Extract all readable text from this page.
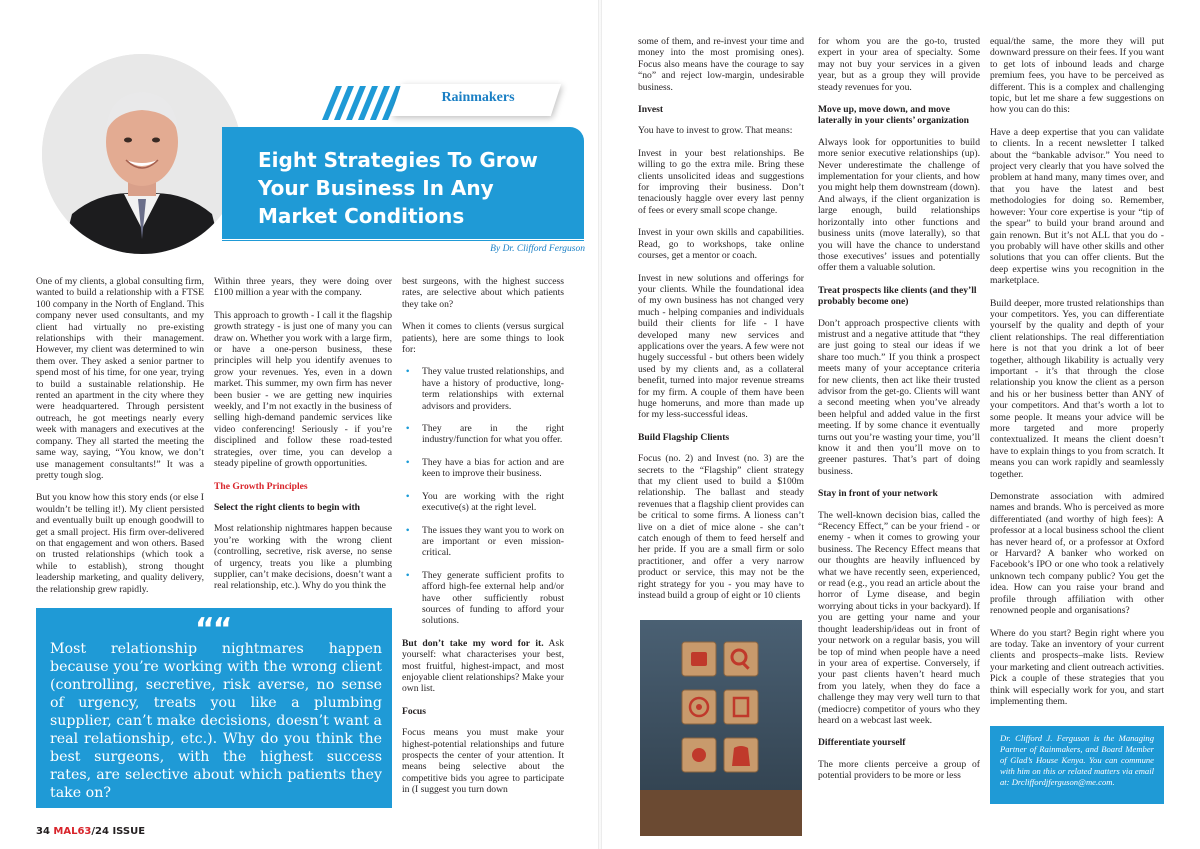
Rainmakers
Eight Strategies To Grow
Your Business In Any
Market Conditions
By Dr. Clifford Ferguson

One of my clients, a global consulting firm, wanted to build a relationship with a FTSE 100 company in the North of England. This company never used consultants, and my client had virtually no pre-existing relationships with their management. However, my client was determined to win them over. They asked a senior partner to spend most of his time, for one year, trying to build a sustainable relationship. He rented an apartment in the city where they were headquartered. Through persistent outreach, he got meetings nearly every week with managers and executives at the company. They all started the meeting the same way, saying, “You know, we don’t use management consultants!” It was a pretty tough slog.

But you know how this story ends (or else I wouldn’t be telling it!). My client persisted and eventually built up enough goodwill to get a small project. His firm over-delivered on that engagement and won others. Based on trusted relationships (which took a while to establish), strong thought leadership marketing, and quality delivery, the relationship grew rapidly.

Within three years, they were doing over £100 million a year with the company.

This approach to growth - I call it the flagship growth strategy - is just one of many you can draw on. Whether you work with a large firm, or have a one-person business, these principles will help you identify avenues to grow your revenues. Yes, even in a down market. This summer, my own firm has never been busier - we are getting new inquiries weekly, and I’m not exactly in the business of selling high-demand pandemic services like video conferencing! Seriously - if you’re disciplined and follow these road-tested strategies, over time, you can develop a steady pipeline of growth opportunities.

The Growth Principles
Select the right clients to begin with

Most relationship nightmares happen because you’re working with the wrong client (controlling, secretive, risk averse, no sense of urgency, treats you like a plumbing supplier, can’t make decisions, doesn’t want a real relationship, etc.). Why do you think the

best surgeons, with the highest success rates, are selective about which patients they take on?

When it comes to clients (versus surgical patients), here are some things to look for:

• They value trusted relationships, and have a history of productive, long-term relationships with external advisors and providers.
• They are in the right industry/function for what you offer.
• They have a bias for action and are keen to improve their business.
• You are working with the right executive(s) at the right level.
• The issues they want you to work on are important or even mission-critical.
• They generate sufficient profits to afford high-fee external help and/or have other sufficiently robust sources of funding to afford your solutions.

But don’t take my word for it. Ask yourself: what characterises your best, most fruitful, highest-impact, and most enjoyable client relationships? Make your own list.

Focus

Focus means you must make your highest-potential relationships and future prospects the center of your attention. It means being selective about the competitive bids you agree to participate in (I suggest you turn down

““
Most relationship nightmares happen because you’re working with the wrong client (controlling, secretive, risk averse, no sense of urgency, treats you like a plumbing supplier, can’t make decisions, doesn’t want a real relationship, etc.). Why do you think the best surgeons, with the highest success rates, are selective about which patients they take on?
34 MAL63/24 ISSUE

some of them, and re-invest your time and money into the most promising ones). Focus also means have the courage to say “no” and reject low-margin, undesirable business.

Invest

You have to invest to grow. That means:

Invest in your best relationships. Be willing to go the extra mile. Bring these clients unsolicited ideas and suggestions for improving their business. Don’t tenaciously haggle over every last penny of fees or every small scope change.

Invest in your own skills and capabilities. Read, go to workshops, take online courses, get a mentor or coach.

Invest in new solutions and offerings for your clients. While the foundational idea of my own business has not changed very much - helping companies and individuals build their clients for life - I have developed many new services and applications over the years. A few were not hugely successful - but others been widely used by my clients and, as a collateral benefit, turned into major revenue streams for my firm. A couple of them have been huge homeruns, and more than made up for my less-successful ideas.

Build Flagship Clients

Focus (no. 2) and Invest (no. 3) are the secrets to the “Flagship” client strategy that my client used to build a $100m relationship. The ballast and steady revenues that a flagship client provides can be critical to some firms. A lioness can’t live on a diet of mice alone - she can’t catch enough of them to feed herself and her pride. If you are a small firm or solo practitioner, and offer a very narrow product or service, this may not be the right strategy for you - you may have to instead build a group of eight or 10 clients

for whom you are the go-to, trusted expert in your area of specialty. Some may not buy your services in a given year, but as a group they will provide steady revenues for you.

Move up, move down, and move laterally in your clients’ organization

Always look for opportunities to build more senior executive relationships (up). Never underestimate the challenge of implementation for your clients, and how you might help them downstream (down). And always, if the client organization is large enough, build relationships horizontally into other functions and business units (move laterally), so that you will have the chance to understand those executives’ issues and potentially offer them a valuable solution.

Treat prospects like clients (and they’ll probably become one)

Don’t approach prospective clients with mistrust and a negative attitude that “they are just going to steal our ideas if we share too much.” If you think a prospect meets many of your acceptance criteria for new clients, then act like their trusted advisor from the get-go. Clients will want a second meeting when you’ve already been helpful and added value in the first meeting. If by some chance it eventually turns out you’re wasting your time, you’ll know it and then you’ll move on to greener pastures. That’s part of doing business.

Stay in front of your network

The well-known decision bias, called the “Recency Effect,” can be your friend - or enemy - when it comes to growing your business. The Recency Effect means that our thoughts are heavily influenced by what we have recently seen, experienced, or read (e.g., you read an article about the horror of Lyme disease, and begin worrying about ticks in your backyard). If you are getting your name and your thought leadership/ideas out in front of your network on a regular basis, you will be top of mind when people have a need in your area of expertise. Conversely, if your past clients haven’t heard much from you lately, when they do face a challenge they may very well turn to that (mediocre) competitor of yours who they heard on a webcast last week.

Differentiate yourself

The more clients perceive a group of potential providers to be more or less

equal/the same, the more they will put downward pressure on their fees. If you want to get lots of inbound leads and charge premium fees, you have to be perceived as different. This is a complex and challenging topic, but let me share a few suggestions on how you can do this:

Have a deep expertise that you can validate to clients. In a recent newsletter I talked about the “bankable advisor.” You need to project very clearly that you have solved the problem at hand many, many times over, and that you have the latest and best methodologies for doing so. Remember, however: Your core expertise is your “tip of the spear” to build your brand around and gain renown. But it’s not ALL that you do - you probably will have other skills and other solutions that you can offer clients. But the deep expertise wins you recognition in the marketplace.

Build deeper, more trusted relationships than your competitors. Yes, you can differentiate yourself by the quality and depth of your client relationships. The real differentiation here is not that you drink a lot of beer together, although likability is actually very important - it’s that through the close relationship you know the client as a person and his or her business better than ANY of your competitors. And that’s worth a lot to some people. It means your advice will be more targeted and more properly contextualized. It means the client doesn’t have to explain things to you from scratch. It means you can work rapidly and seamlessly together.

Demonstrate association with admired names and brands. Who is perceived as more differentiated (and worthy of high fees): A professor at a local business school the client has never heard of, or a professor at Oxford or Harvard? A banker who worked on Facebook’s IPO or one who took a relatively unknown tech company public? You get the idea. How can you raise your brand and profile through affiliation with other renowned people and organisations?

Where do you start? Begin right where you are today. Take an inventory of your current clients and prospects–make lists. Review your marketing and client outreach activities. Pick a couple of these strategies that you think will especially work for you, and start implementing them.

Dr. Clifford J. Ferguson is the Managing Partner of Rainmakers, and Board Member of Glad’s House Kenya. You can commune with him on this or related matters via email at: Drcliffordjferguson@me.com.
